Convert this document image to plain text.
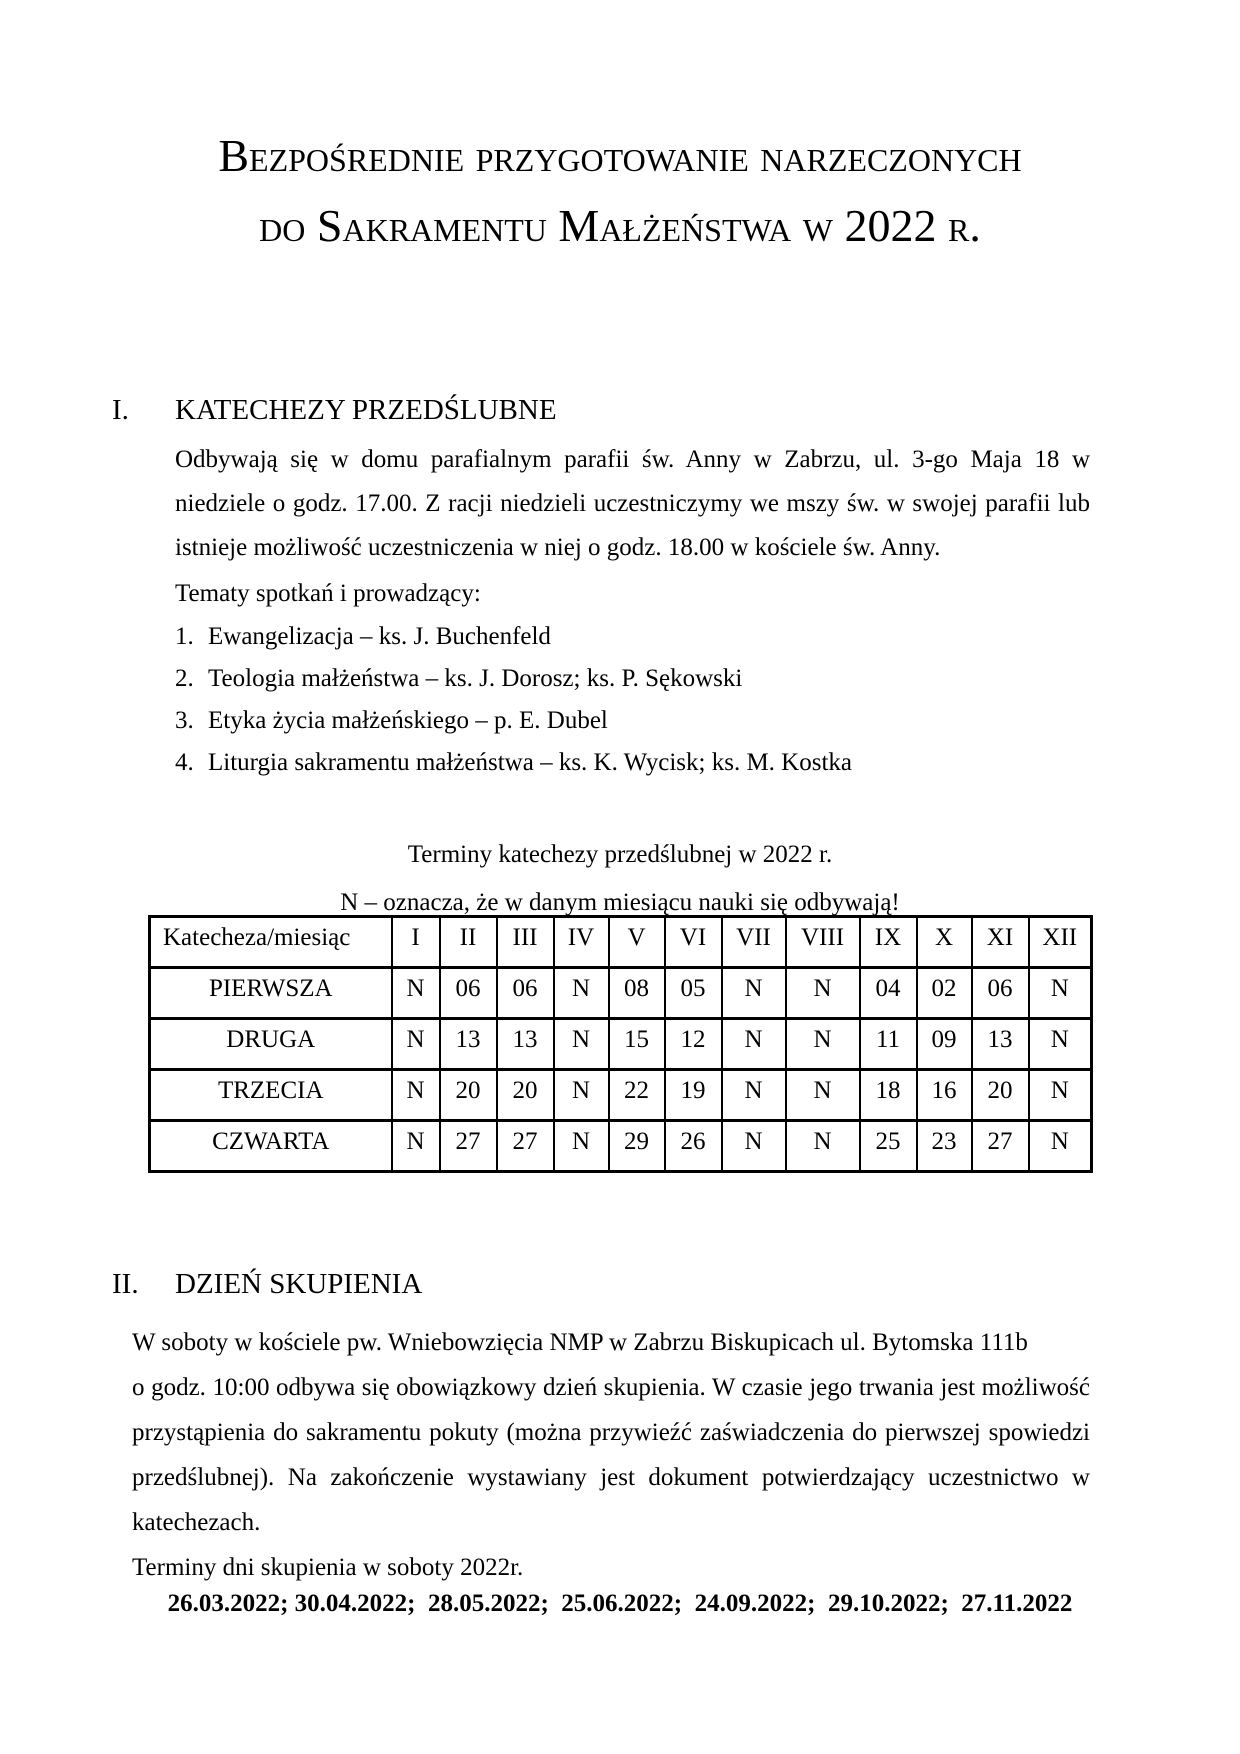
Bezpośrednie przygotowanie narzeczonych
do Sakramentu Małżeństwa w 2022 r.
I.	KATECHEZY PRZEDŚLUBNE
Odbywają się w domu parafialnym parafii św. Anny w Zabrzu, ul. 3-go Maja 18 w
niedziele o godz. 17.00. Z racji niedzieli uczestniczymy we mszy św. w swojej parafii lub
istnieje możliwość uczestniczenia w niej o godz. 18.00 w kościele św. Anny.
Tematy spotkań i prowadzący:
1. Ewangelizacja – ks. J. Buchenfeld
2. Teologia małżeństwa – ks. J. Dorosz; ks. P. Sękowski
3. Etyka życia małżeńskiego – p. E. Dubel
4. Liturgia sakramentu małżeństwa – ks. K. Wycisk; ks. M. Kostka
Terminy katechezy przedślubnej w 2022 r.
N – oznacza, że w danym miesiącu nauki się odbywają!
Katecheza/miesiąc	I	II	III	IV	V	VI	VII	VIII	IX	X	XI	XII
PIERWSZA	N	06	06	N	08	05	N	N	04	02	06	N
DRUGA	N	13	13	N	15	12	N	N	11	09	13	N
TRZECIA	N	20	20	N	22	19	N	N	18	16	20	N
CZWARTA	N	27	27	N	29	26	N	N	25	23	27	N
II.	DZIEŃ SKUPIENIA
W soboty w kościele pw. Wniebowzięcia NMP w Zabrzu Biskupicach ul. Bytomska 111b
o godz. 10:00 odbywa się obowiązkowy dzień skupienia. W czasie jego trwania jest możliwość
przystąpienia do sakramentu pokuty (można przywieźć zaświadczenia do pierwszej spowiedzi
przedślubnej). Na zakończenie wystawiany jest dokument potwierdzający uczestnictwo w
katechezach.
Terminy dni skupienia w soboty 2022r.
26.03.2022; 30.04.2022;  28.05.2022;  25.06.2022;  24.09.2022;  29.10.2022;  27.11.2022
